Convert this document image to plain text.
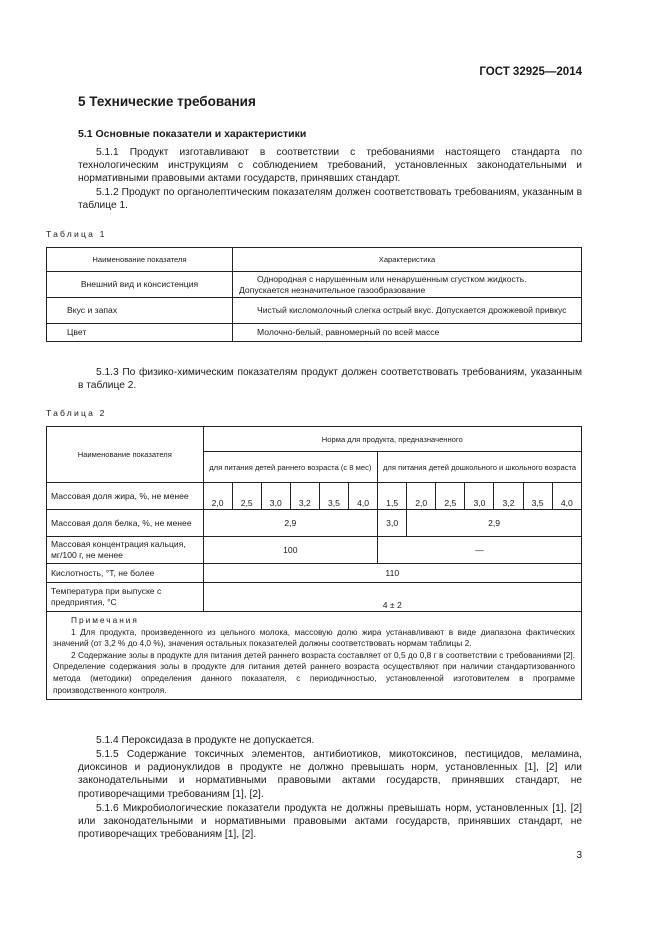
ГОСТ 32925—2014
5 Технические требования
5.1 Основные показатели и характеристики
5.1.1 Продукт изготавливают в соответствии с требованиями настоящего стандарта по технологическим инструкциям с соблюдением требований, установленных законодательными и нормативными правовыми актами государств, принявших стандарт.
5.1.2 Продукт по органолептическим показателям должен соответствовать требованиям, указанным в таблице 1.
Таблица 1
Наименование показателя	Характеристика
Внешний вид и консистенция	Однородная с нарушенным или ненарушенным сгустком жидкость. Допускается незначительное газообразование
Вкус и запах	Чистый кисломолочный слегка острый вкус. Допускается дрожжевой привкус
Цвет	Молочно-белый, равномерный по всей массе
5.1.3 По физико-химическим показателям продукт должен соответствовать требованиям, указанным в таблице 2.
Таблица 2
Наименование показателя	Норма для продукта, предназначенного												
	для питания детей раннего возраста (с 8 мес)						для питания детей дошкольного и школьного возраста						
Массовая доля жира, %, не менее	2,0	2,5	3,0	3,2	3,5	4,0	1,5	2,0	2,5	3,0	3,2	3,5	4,0
Массовая доля белка, %, не менее	2,9						3,0	2,9					
Массовая концентрация кальция, мг/100 г, не менее	100						—						
Кислотность, °Т, не более	110												
Температура при выпуске с предприятия, °С	4 ± 2												

Примечания

1 Для продукта, произведенного из цельного молока, массовую долю жира устанавливают в виде диапазона фактических значений (от 3,2 % до 4,0 %), значения остальных показателей должны соответствовать нормам таблицы 2.

2 Содержание золы в продукте для питания детей раннего возраста составляет от 0,5 до 0,8 г в соответствии с требованиями [2]. Определение содержания золы в продукте для питания детей раннего возраста осуществляют при наличии стандартизованного метода (методики) определения данного показателя, с периодичностью, установленной изготовителем в программе производственного контроля.													

5.1.4 Пероксидаза в продукте не допускается.
5.1.5 Содержание токсичных элементов, антибиотиков, микотоксинов, пестицидов, меламина, диоксинов и радионуклидов в продукте не должно превышать норм, установленных [1], [2] или законодательными и нормативными правовыми актами государств, принявших стандарт, не противоречащими требованиям [1], [2].
5.1.6 Микробиологические показатели продукта не должны превышать норм, установленных [1], [2] или законодательными и нормативными правовыми актами государств, принявших стандарт, не противоречащих требованиям [1], [2].
3
